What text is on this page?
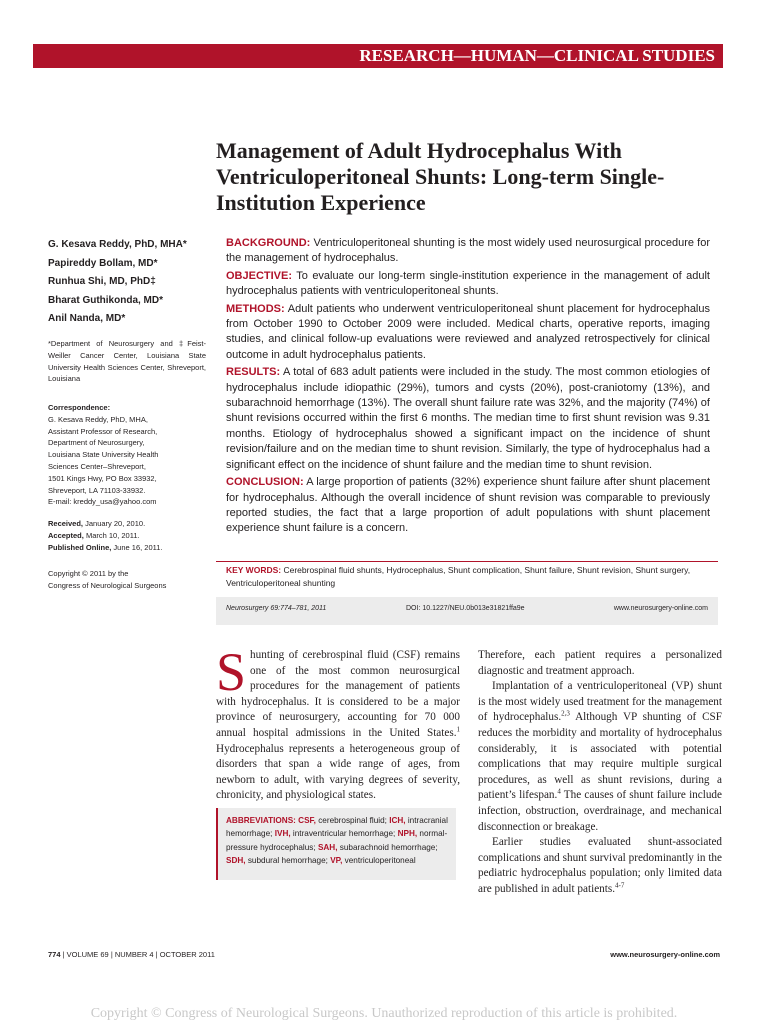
RESEARCH—HUMAN—CLINICAL STUDIES
Management of Adult Hydrocephalus With Ventriculoperitoneal Shunts: Long-term Single-Institution Experience
G. Kesava Reddy, PhD, MHA*
Papireddy Bollam, MD*
Runhua Shi, MD, PhD‡
Bharat Guthikonda, MD*
Anil Nanda, MD*
*Department of Neurosurgery and ‡Feist-Weiller Cancer Center, Louisiana State University Health Sciences Center, Shreveport, Louisiana
Correspondence:
G. Kesava Reddy, PhD, MHA,
Assistant Professor of Research,
Department of Neurosurgery,
Louisiana State University Health
Sciences Center–Shreveport,
1501 Kings Hwy, PO Box 33932,
Shreveport, LA 71103-33932.
E-mail: kreddy_usa@yahoo.com
Received, January 20, 2010.
Accepted, March 10, 2011.
Published Online, June 16, 2011.
Copyright © 2011 by the
Congress of Neurological Surgeons

BACKGROUND: Ventriculoperitoneal shunting is the most widely used neurosurgical procedure for the management of hydrocephalus.

OBJECTIVE: To evaluate our long-term single-institution experience in the management of adult hydrocephalus patients with ventriculoperitoneal shunts.

METHODS: Adult patients who underwent ventriculoperitoneal shunt placement for hydrocephalus from October 1990 to October 2009 were included. Medical charts, operative reports, imaging studies, and clinical follow-up evaluations were reviewed and analyzed retrospectively for clinical outcome in adult hydrocephalus patients.

RESULTS: A total of 683 adult patients were included in the study. The most common etiologies of hydrocephalus include idiopathic (29%), tumors and cysts (20%), post-craniotomy (13%), and subarachnoid hemorrhage (13%). The overall shunt failure rate was 32%, and the majority (74%) of shunt revisions occurred within the first 6 months. The median time to first shunt revision was 9.31 months. Etiology of hydrocephalus showed a significant impact on the incidence of shunt revision/failure and on the median time to shunt revision. Similarly, the type of hydrocephalus had a significant effect on the incidence of shunt failure and the median time to shunt revision.

CONCLUSION: A large proportion of patients (32%) experience shunt failure after shunt placement for hydrocephalus. Although the overall incidence of shunt revision was comparable to previously reported studies, the fact that a large proportion of adult populations with shunt placement experience shunt failure is a concern.

KEY WORDS: Cerebrospinal fluid shunts, Hydrocephalus, Shunt complication, Shunt failure, Shunt revision, Shunt surgery, Ventriculoperitoneal shunting
Neurosurgery 69:774–781, 2011	DOI: 10.1227/NEU.0b013e31821ffa9e	www.neurosurgery-online.com

Shunting of cerebrospinal fluid (CSF) remains one of the most common neurosurgical procedures for the management of patients with hydrocephalus. It is considered to be a major province of neurosurgery, accounting for 70 000 annual hospital admissions in the United States.$^1$ Hydrocephalus represents a heterogeneous group of disorders that span a wide range of ages, from newborn to adult, with varying degrees of severity, chronicity, and physiological states.

ABBREVIATIONS: CSF, cerebrospinal fluid; ICH, intracranial hemorrhage; IVH, intraventricular hemorrhage; NPH, normal-pressure hydrocephalus; SAH, subarachnoid hemorrhage; SDH, subdural hemorrhage; VP, ventriculoperitoneal

Therefore, each patient requires a personalized diagnostic and treatment approach.

Implantation of a ventriculoperitoneal (VP) shunt is the most widely used treatment for the management of hydrocephalus.$^{2,3}$ Although VP shunting of CSF reduces the morbidity and mortality of hydrocephalus considerably, it is associated with potential complications that may require multiple surgical procedures, as well as shunt revisions, during a patient’s lifespan.$^4$ The causes of shunt failure include infection, obstruction, overdrainage, and mechanical disconnection or breakage.

Earlier studies evaluated shunt-associated complications and shunt survival predominantly in the pediatric hydrocephalus population; only limited data are published in adult patients.$^{4-7}$

774 | VOLUME 69 | NUMBER 4 | OCTOBER 2011	www.neurosurgery-online.com
Copyright © Congress of Neurological Surgeons. Unauthorized reproduction of this article is prohibited.
